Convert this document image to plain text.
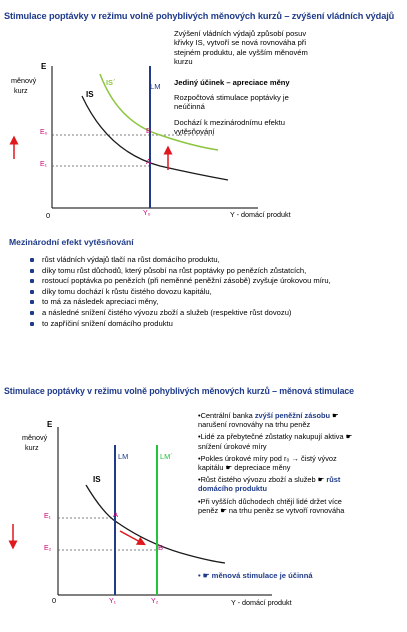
Stimulace poptávky v režimu volně pohyblivých měnových kurzů – zvýšení vládních výdajů
E
měnový
kurz	IS
IS´	LM
E₀
E₁
B
A
0	Y₀	Y - domácí produkt
Zvýšení vládních výdajů způsobí posuv křivky IS, vytvoří se nová rovnováha při stejném produktu, ale vyšším měnovém kurzu
Jediný účinek – apreciace měny
Rozpočtová stimulace poptávky je neúčinná
Dochází k mezinárodnímu efektu vytěsňování
Mezinárodní efekt vytěsňování
růst vládních výdajů tlačí na růst domácího produktu,
díky tomu růst důchodů, který působí na růst poptávky po penězích zůstatcích,
rostoucí poptávka po penězích (při neměnné peněžní zásobě) zvyšuje úrokovou míru,
díky tomu dochází k růstu čistého dovozu kapitálu,
to má za následek apreciaci měny,
a následné snížení čistého vývozu zboží a služeb (respektive růst dovozu)
to zapříčiní snížení domácího produktu
Stimulace poptávky v režimu volně pohyblivých měnových kurzů – měnová stimulace
E
měnový
kurz
IS
LM	LM´
E₁
E₂
A
B
0	Y₁	Y₂	Y - domácí produkt
•Centrální banka zvýší peněžní zásobu ☛ narušení rovnováhy na trhu peněz
•Lidé za přebytečné zůstatky nakupují aktiva ☛ snížení úrokové míry
•Pokles úrokové míry pod r₀ → čistý vývoz kapitálu ☛ depreciace měny
•Růst čistého vývozu zboží a služeb ☛ růst domácího produktu
•Při vyšších důchodech chtějí lidé držet více peněz ☛ na trhu peněz se vytvoří rovnováha
• ☛ měnová stimulace je účinná
